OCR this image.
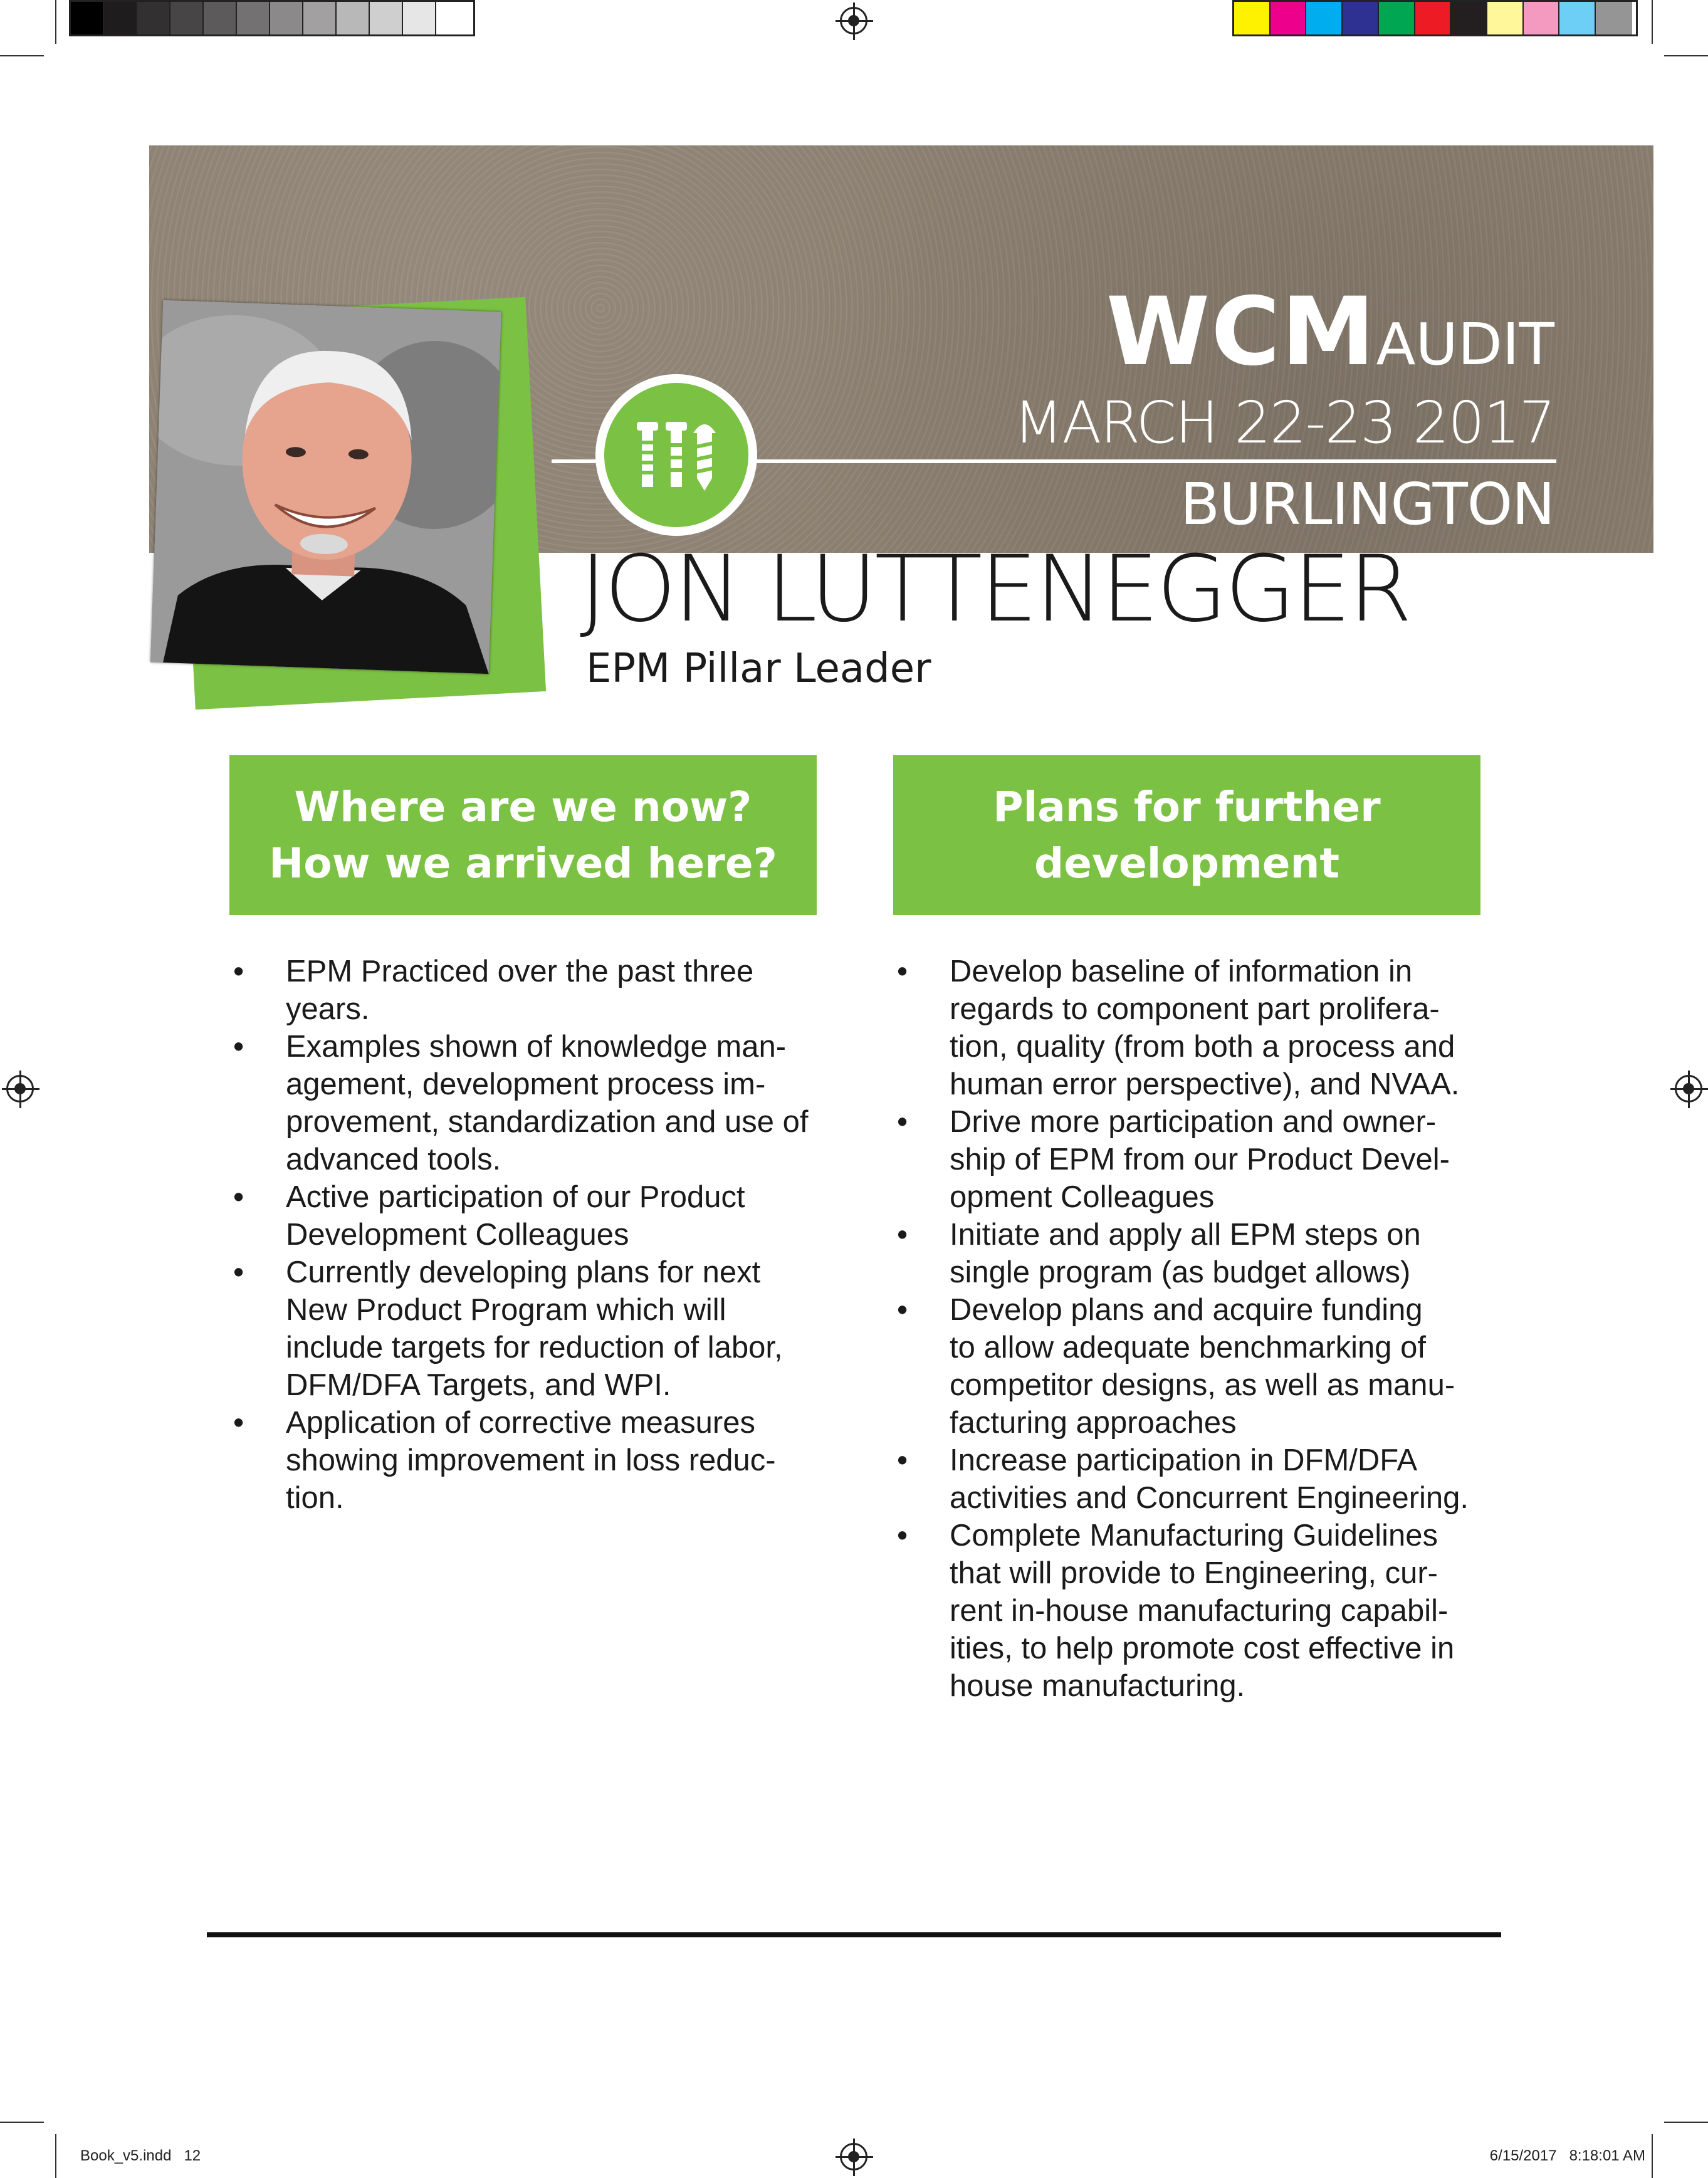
WCMAUDIT
MARCH 22-23 2017
BURLINGTON
JON LUTTENEGGER
EPM Pillar Leader
Where are we now?
How we arrived here?
Plans for further
development
• EPM Practiced over the past three
years.
• Examples shown of knowledge man-
agement, development process im-
provement, standardization and use of
advanced tools.
• Active participation of our Product
Development Colleagues
• Currently developing plans for next
New Product Program which will
include targets for reduction of labor,
DFM/DFA Targets, and WPI.
• Application of corrective measures
showing improvement in loss reduc-
tion.
• Develop baseline of information in
regards to component part prolifera-
tion, quality (from both a process and
human error perspective), and NVAA.
• Drive more participation and owner-
ship of EPM from our Product Devel-
opment Colleagues
• Initiate and apply all EPM steps on
single program (as budget allows)
• Develop plans and acquire funding
to allow adequate benchmarking of
competitor designs, as well as manu-
facturing approaches
• Increase participation in DFM/DFA
activities and Concurrent Engineering.
• Complete Manufacturing Guidelines
that will provide to Engineering, cur-
rent in-house manufacturing capabil-
ities, to help promote cost effective in
house manufacturing.
Book_v5.indd   12	6/15/2017   8:18:01 AM
